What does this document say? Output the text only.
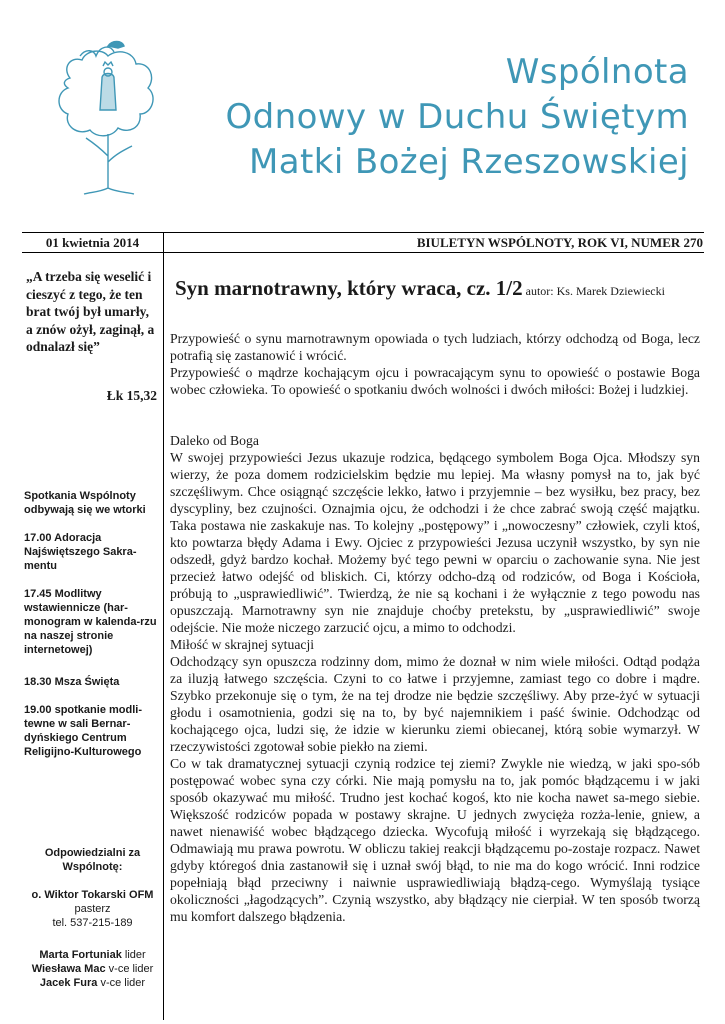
Wspólnota
Odnowy w Duchu Świętym
Matki Bożej Rzeszowskiej
01 kwietnia 2014	BIULETYN WSPÓLNOTY, ROK VI, NUMER 270
„A trzeba się weselić i cieszyć z tego, że ten brat twój był umarły, a znów ożył, zaginął, a odnalazł się”
Łk 15,32
Spotkania Wspólnoty odbywają się we wtorki
17.00 Adoracja Najświętszego Sakra-mentu
17.45 Modlitwy wstawiennicze (har-monogram w kalenda-rzu na naszej stronie internetowej)
18.30 Msza Święta
19.00 spotkanie modli-tewne w sali Bernar-dyńskiego Centrum Religijno-Kulturowego
Odpowiedzialni za Wspólnotę:
o. Wiktor Tokarski OFM
pasterz
tel. 537-215-189
Marta Fortuniak lider
Wiesława Mac v-ce lider
Jacek Fura v-ce lider
Syn marnotrawny, który wraca, cz. 1/2 autor: Ks. Marek Dziewiecki

Przypowieść o synu marnotrawnym opowiada o tych ludziach, którzy odchodzą od Boga, lecz potrafią się zastanowić i wrócić.

Przypowieść o mądrze kochającym ojcu i powracającym synu to opowieść o postawie Boga wobec człowieka. To opowieść o spotkaniu dwóch wolności i dwóch miłości: Bożej i ludzkiej.

Daleko od Boga

W swojej przypowieści Jezus ukazuje rodzica, będącego symbolem Boga Ojca. Młodszy syn wierzy, że poza domem rodzicielskim będzie mu lepiej. Ma własny pomysł na to, jak być szczęśliwym. Chce osiągnąć szczęście lekko, łatwo i przyjemnie – bez wysiłku, bez pracy, bez dyscypliny, bez czujności. Oznajmia ojcu, że odchodzi i że chce zabrać swoją część majątku. Taka postawa nie zaskakuje nas. To kolejny „postępowy” i „nowoczesny” człowiek, czyli ktoś, kto powtarza błędy Adama i Ewy. Ojciec z przypowieści Jezusa uczynił wszystko, by syn nie odszedł, gdyż bardzo kochał. Możemy być tego pewni w oparciu o zachowanie syna. Nie jest przecież łatwo odejść od bliskich. Ci, którzy odcho-dzą od rodziców, od Boga i Kościoła, próbują to „usprawiedliwić”. Twierdzą, że nie są kochani i że wyłącznie z tego powodu nas opuszczają. Marnotrawny syn nie znajduje choćby pretekstu, by „usprawiedliwić” swoje odejście. Nie może niczego zarzucić ojcu, a mimo to odchodzi.

Miłość w skrajnej sytuacji

Odchodzący syn opuszcza rodzinny dom, mimo że doznał w nim wiele miłości. Odtąd podąża za iluzją łatwego szczęścia. Czyni to co łatwe i przyjemne, zamiast tego co dobre i mądre. Szybko przekonuje się o tym, że na tej drodze nie będzie szczęśliwy. Aby prze-żyć w sytuacji głodu i osamotnienia, godzi się na to, by być najemnikiem i paść świnie. Odchodząc od kochającego ojca, ludzi się, że idzie w kierunku ziemi obiecanej, którą sobie wymarzył. W rzeczywistości zgotował sobie piekło na ziemi.

Co w tak dramatycznej sytuacji czynią rodzice tej ziemi? Zwykle nie wiedzą, w jaki spo-sób postępować wobec syna czy córki. Nie mają pomysłu na to, jak pomóc błądzącemu i w jaki sposób okazywać mu miłość. Trudno jest kochać kogoś, kto nie kocha nawet sa-mego siebie. Większość rodziców popada w postawy skrajne. U jednych zwycięża rozża-lenie, gniew, a nawet nienawiść wobec błądzącego dziecka. Wycofują miłość i wyrzekają się błądzącego. Odmawiają mu prawa powrotu. W obliczu takiej reakcji błądzącemu po-zostaje rozpacz. Nawet gdyby któregoś dnia zastanowił się i uznał swój błąd, to nie ma do kogo wrócić. Inni rodzice popełniają błąd przeciwny i naiwnie usprawiedliwiają błądzą-cego. Wymyślają tysiące okoliczności „łagodzących”. Czynią wszystko, aby błądzący nie cierpiał. W ten sposób tworzą mu komfort dalszego błądzenia.
